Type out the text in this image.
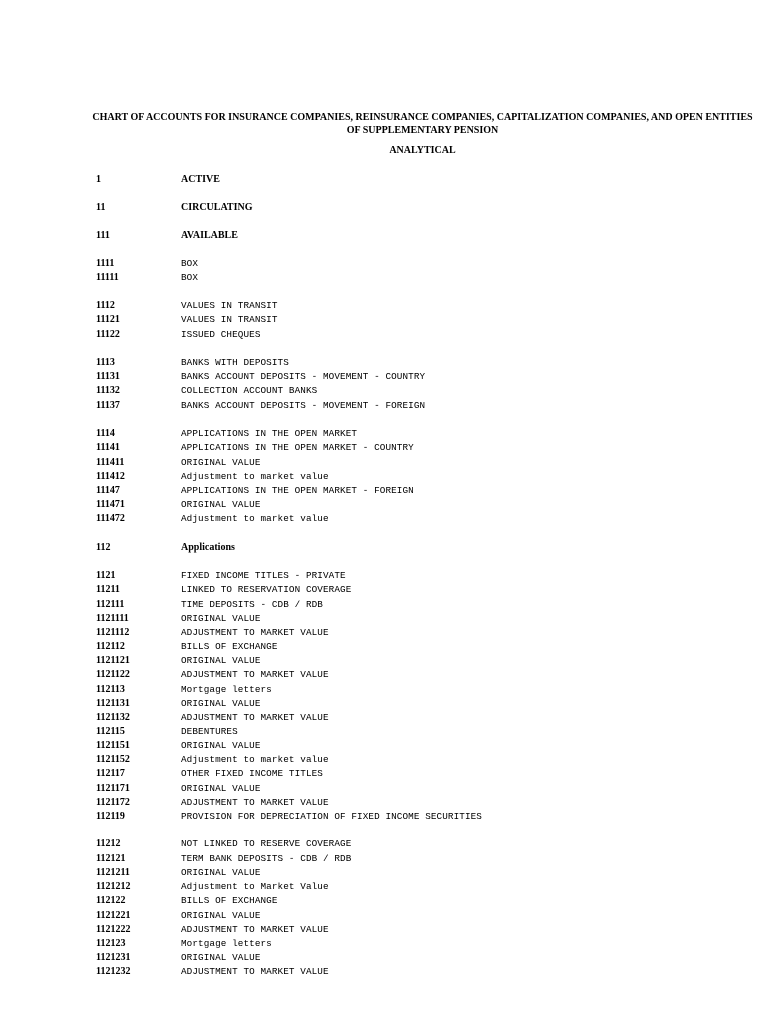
CHART OF ACCOUNTS FOR INSURANCE COMPANIES, REINSURANCE COMPANIES, CAPITALIZATION COMPANIES, AND OPEN ENTITIES OF SUPPLEMENTARY PENSION
ANALYTICAL
1	ACTIVE
11	CIRCULATING
111	AVAILABLE
1111	BOX
11111	BOX
1112	VALUES IN TRANSIT
11121	VALUES IN TRANSIT
11122	ISSUED CHEQUES
1113	BANKS WITH DEPOSITS
11131	BANKS ACCOUNT DEPOSITS - MOVEMENT - COUNTRY
11132	COLLECTION ACCOUNT BANKS
11137	BANKS ACCOUNT DEPOSITS - MOVEMENT - FOREIGN
1114	APPLICATIONS IN THE OPEN MARKET
11141	APPLICATIONS IN THE OPEN MARKET - COUNTRY
111411	ORIGINAL VALUE
111412	Adjustment to market value
11147	APPLICATIONS IN THE OPEN MARKET - FOREIGN
111471	ORIGINAL VALUE
111472	Adjustment to market value
112	Applications
1121	FIXED INCOME TITLES - PRIVATE
11211	LINKED TO RESERVATION COVERAGE
112111	TIME DEPOSITS - CDB / RDB
1121111	ORIGINAL VALUE
1121112	ADJUSTMENT TO MARKET VALUE
112112	BILLS OF EXCHANGE
1121121	ORIGINAL VALUE
1121122	ADJUSTMENT TO MARKET VALUE
112113	Mortgage letters
1121131	ORIGINAL VALUE
1121132	ADJUSTMENT TO MARKET VALUE
112115	DEBENTURES
1121151	ORIGINAL VALUE
1121152	Adjustment to market value
112117	OTHER FIXED INCOME TITLES
1121171	ORIGINAL VALUE
1121172	ADJUSTMENT TO MARKET VALUE
112119	PROVISION FOR DEPRECIATION OF FIXED INCOME SECURITIES
11212	NOT LINKED TO RESERVE COVERAGE
112121	TERM BANK DEPOSITS - CDB / RDB
1121211	ORIGINAL VALUE
1121212	Adjustment to Market Value
112122	BILLS OF EXCHANGE
1121221	ORIGINAL VALUE
1121222	ADJUSTMENT TO MARKET VALUE
112123	Mortgage letters
1121231	ORIGINAL VALUE
1121232	ADJUSTMENT TO MARKET VALUE
